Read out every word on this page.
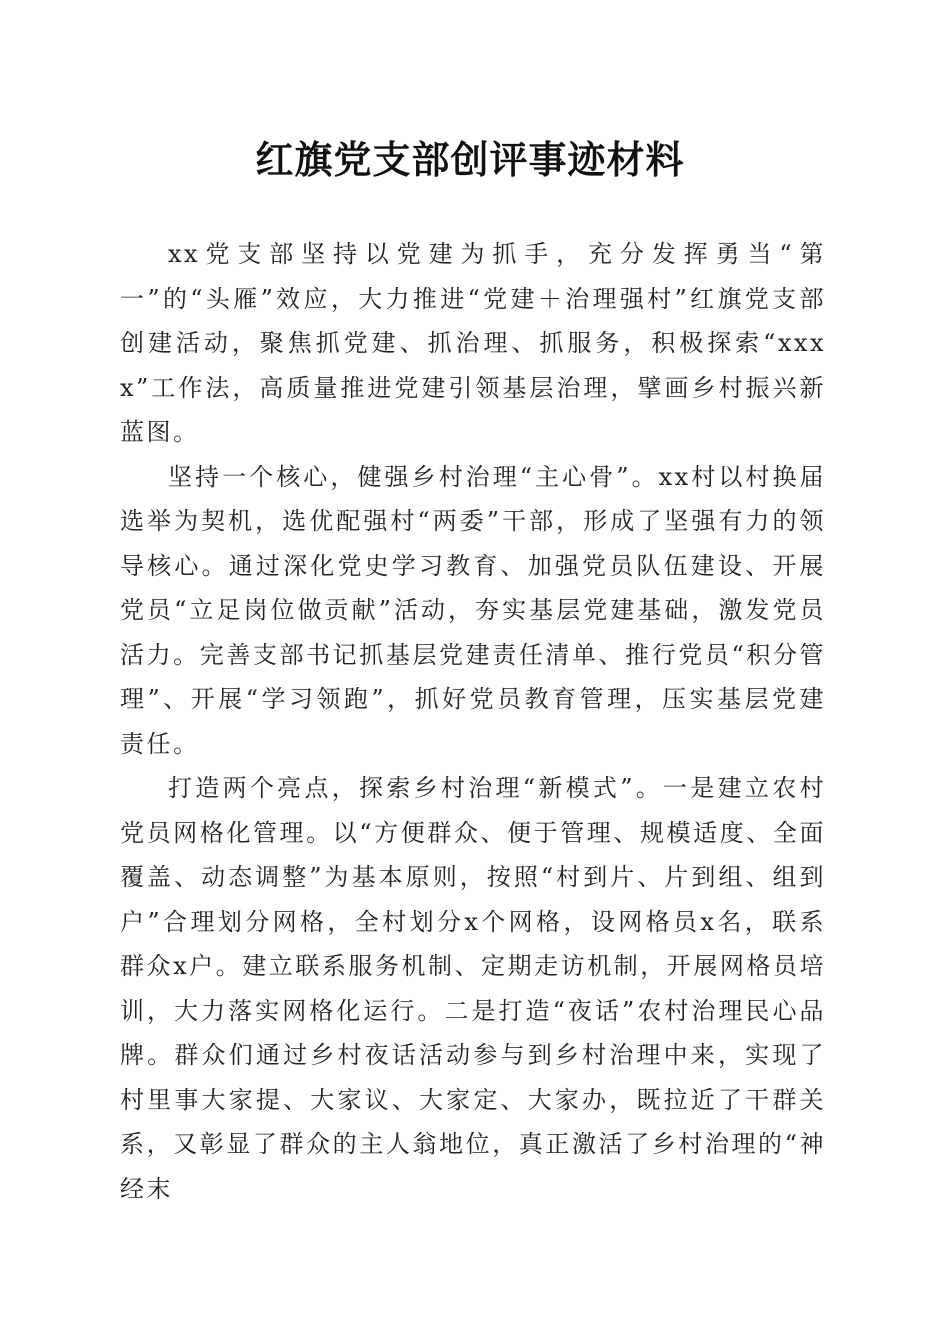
红旗党支部创评事迹材料

xx党支部坚持以党建为抓手，充分发挥勇当“第一”的“头雁”效应，大力推进“党建＋治理强村”红旗党支部创建活动，聚焦抓党建、抓治理、抓服务，积极探索“xxxx”工作法，高质量推进党建引领基层治理，擘画乡村振兴新蓝图。

坚持一个核心，健强乡村治理“主心骨”。xx村以村换届选举为契机，选优配强村“两委”干部，形成了坚强有力的领导核心。通过深化党史学习教育、加强党员队伍建设、开展党员“立足岗位做贡献”活动，夯实基层党建基础，激发党员活力。完善支部书记抓基层党建责任清单、推行党员“积分管理”、开展“学习领跑”，抓好党员教育管理，压实基层党建责任。

打造两个亮点，探索乡村治理“新模式”。一是建立农村党员网格化管理。以“方便群众、便于管理、规模适度、全面覆盖、动态调整”为基本原则，按照“村到片、片到组、组到户”合理划分网格，全村划分x个网格，设网格员x名，联系群众x户。建立联系服务机制、定期走访机制，开展网格员培训，大力落实网格化运行。二是打造“夜话”农村治理民心品牌。群众们通过乡村夜话活动参与到乡村治理中来，实现了村里事大家提、大家议、大家定、大家办，既拉近了干群关系，又彰显了群众的主人翁地位，真正激活了乡村治理的“神经末
